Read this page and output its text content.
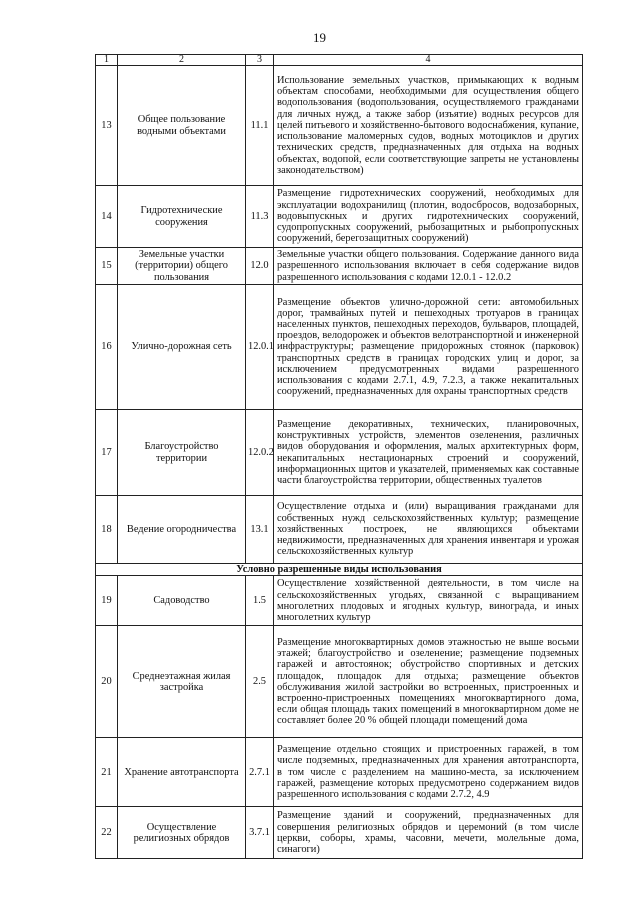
19
1	2	3	4
13	Общее пользование водными объектами	11.1	Использование земельных участков, примыкающих к водным объектам способами, необходимыми для осуществления общего водопользования (водопользования, осуществляемого гражданами для личных нужд, а также забор (изъятие) водных ресурсов для целей питьевого и хозяйственно-бытового водоснабжения, купание, использование маломерных судов, водных мотоциклов и других технических средств, предназначенных для отдыха на водных объектах, водопой, если соответствующие запреты не установлены законодательством)
14	Гидротехнические сооружения	11.3	Размещение гидротехнических сооружений, необходимых для эксплуатации водохранилищ (плотин, водосбросов, водозаборных, водовыпускных и других гидротехнических сооружений, судопропускных сооружений, рыбозащитных и рыбопропускных сооружений, берегозащитных сооружений)
15	Земельные участки (территории) общего пользования	12.0	Земельные участки общего пользования. Содержание данного вида разрешенного использования включает в себя содержание видов разрешенного использования с кодами 12.0.1 - 12.0.2
16	Улично-дорожная сеть	12.0.1	Размещение объектов улично-дорожной сети: автомобильных дорог, трамвайных путей и пешеходных тротуаров в границах населенных пунктов, пешеходных переходов, бульваров, площадей, проездов, велодорожек и объектов велотранспортной и инженерной инфраструктуры; размещение придорожных стоянок (парковок) транспортных средств в границах городских улиц и дорог, за исключением предусмотренных видами разрешенного использования с кодами 2.7.1, 4.9, 7.2.3, а также некапитальных сооружений, предназначенных для охраны транспортных средств
17	Благоустройство территории	12.0.2	Размещение декоративных, технических, планировочных, конструктивных устройств, элементов озеленения, различных видов оборудования и оформления, малых архитектурных форм, некапитальных нестационарных строений и сооружений, информационных щитов и указателей, применяемых как составные части благоустройства территории, общественных туалетов
18	Ведение огородничества	13.1	Осуществление отдыха и (или) выращивания гражданами для собственных нужд сельскохозяйственных культур; размещение хозяйственных построек, не являющихся объектами недвижимости, предназначенных для хранения инвентаря и урожая сельскохозяйственных культур
Условно разрешенные виды использования			
19	Садоводство	1.5	Осуществление хозяйственной деятельности, в том числе на сельскохозяйственных угодьях, связанной с выращиванием многолетних плодовых и ягодных культур, винограда, и иных многолетних культур
20	Среднеэтажная жилая застройка	2.5	Размещение многоквартирных домов этажностью не выше восьми этажей; благоустройство и озеленение; размещение подземных гаражей и автостоянок; обустройство спортивных и детских площадок, площадок для отдыха; размещение объектов обслуживания жилой застройки во встроенных, пристроенных и встроенно-пристроенных помещениях многоквартирного дома, если общая площадь таких помещений в многоквартирном доме не составляет более 20 % общей площади помещений дома
21	Хранение автотранспорта	2.7.1	Размещение отдельно стоящих и пристроенных гаражей, в том числе подземных, предназначенных для хранения автотранспорта, в том числе с разделением на машино-места, за исключением гаражей, размещение которых предусмотрено содержанием видов разрешенного использования с кодами 2.7.2, 4.9
22	Осуществление религиозных обрядов	3.7.1	Размещение зданий и сооружений, предназначенных для совершения религиозных обрядов и церемоний (в том числе церкви, соборы, храмы, часовни, мечети, молельные дома, синагоги)
